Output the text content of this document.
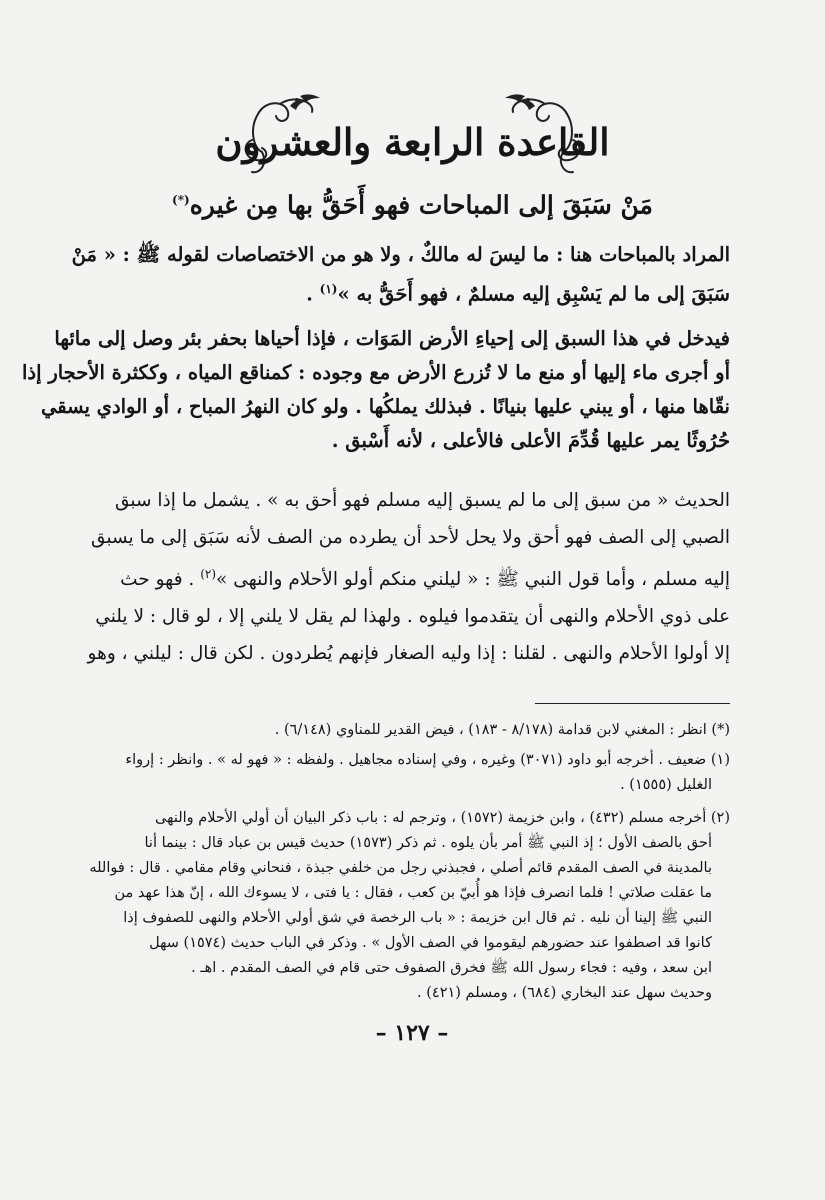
القاعدة الرابعة والعشرون
مَنْ سَبَقَ إلى المباحات فهو أَحَقُّ بها مِن غيره(*)
المراد بالمباحات هنا : ما ليسَ له مالكٌ ، ولا هو من الاختصاصات لقوله ﷺ : « مَنْ
سَبَقَ إلى ما لم يَسْبِق إليه مسلمٌ ، فهو أَحَقُّ به »$^{(١)}$ .
فيدخل في هذا السبق إلى إحياءِ الأرض المَوَات ، فإذا أحياها بحفر بئر وصل إلى مائها
أو أجرى ماء إليها أو منع ما لا تُزرع الأرض مع وجوده : كمناقع المياه ، وككثرة الأحجار إذا
نقّاها منها ، أو يبني عليها بنيانًا . فبذلك يملكُها . ولو كان النهرُ المباح ، أو الوادي يسقي
حُرُوثًا يمر عليها قُدِّمَ الأعلى فالأعلى ، لأنه أَسْبق .
الحديث « من سبق إلى ما لم يسبق إليه مسلم فهو أحق به » . يشمل ما إذا سبق
الصبي إلى الصف فهو أحق ولا يحل لأحد أن يطرده من الصف لأنه سَبَق إلى ما يسبق
إليه مسلم ، وأما قول النبي ﷺ : « ليلني منكم أولو الأحلام والنهى »$^{(٢)}$ . فهو حث
على ذوي الأحلام والنهى أن يتقدموا فيلوه . ولهذا لم يقل لا يلني إلا ، لو قال : لا يلني
إلا أولوا الأحلام والنهى . لقلنا : إذا وليه الصغار فإنهم يُطردون . لكن قال : ليلني ، وهو
(*) انظر : المغني لابن قدامة (٨/١٧٨ - ١٨٣) ، فيض القدير للمناوي (٦/١٤٨) .
(١) ضعيف . أخرجه أبو داود (٣٠٧١) وغيره ، وفي إسناده مجاهيل . ولفظه : « فهو له » . وانظر : إرواء
الغليل (١٥٥٥) .
(٢) أخرجه مسلم (٤٣٢) ، وابن خزيمة (١٥٧٢) ، وترجم له : باب ذكر البيان أن أولي الأحلام والنهى
أحق بالصف الأول ؛ إذ النبي ﷺ أمر بأن يلوه . ثم ذكر (١٥٧٣) حديث قيس بن عباد قال : بينما أنا
بالمدينة في الصف المقدم قائم أصلي ، فجبذني رجل من خلفي جبذة ، فنحاني وقام مقامي . قال : فوالله
ما عقلت صلاتي ! فلما انصرف فإذا هو أُبيّ بن كعب ، فقال : يا فتى ، لا يسوءك الله ، إنّ هذا عهد من
النبي ﷺ إلينا أن نليه . ثم قال ابن خزيمة : « باب الرخصة في شق أولي الأحلام والنهى للصفوف إذا
كانوا قد اصطفوا عند حضورهم ليقوموا في الصف الأول » . وذكر في الباب حديث (١٥٧٤) سهل
ابن سعد ، وفيه : فجاء رسول الله ﷺ فخرق الصفوف حتى قام في الصف المقدم . اهـ .
وحديث سهل عند البخاري (٦٨٤) ، ومسلم (٤٢١) .

– ١٢٧ –
